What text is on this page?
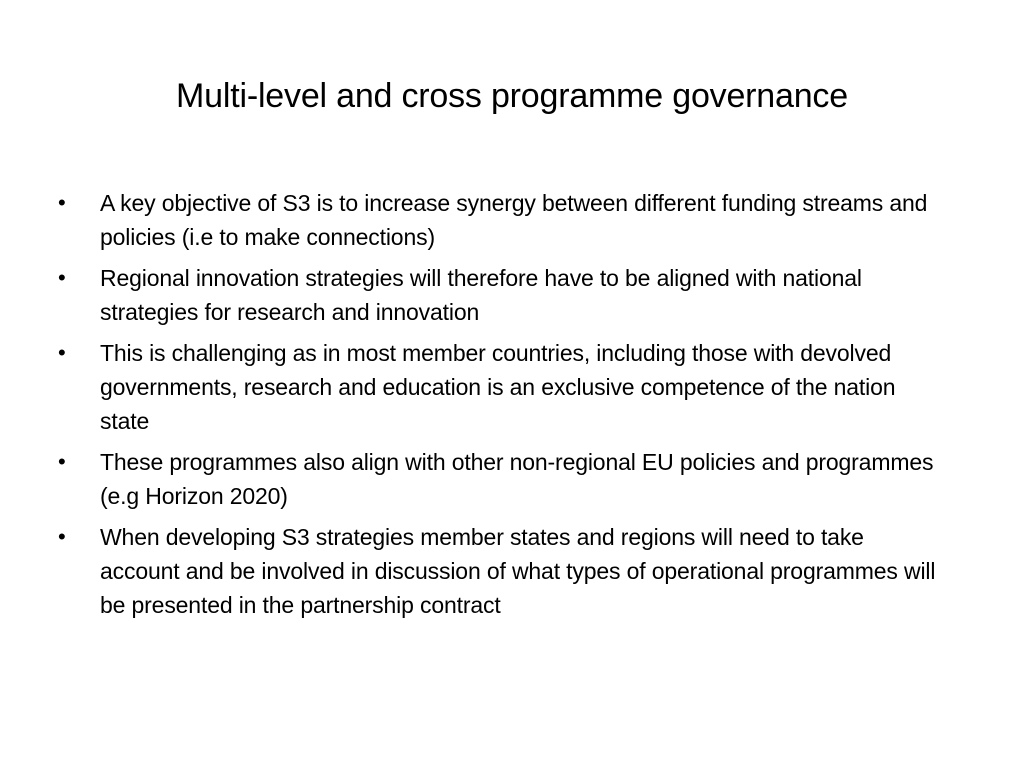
Multi-level and cross programme governance
•	A key objective of S3 is to increase synergy between different funding streams and policies (i.e to make connections)
•	Regional innovation strategies will therefore have to be aligned with national strategies for research and innovation
•	This is challenging as in most member countries, including those with devolved governments, research and education is an exclusive competence of the nation state
•	These programmes also align with other non-regional EU policies and programmes (e.g Horizon 2020)
•	When developing S3 strategies member states and regions will need to take account and be involved in discussion of what types of operational programmes will be presented in the partnership contract
